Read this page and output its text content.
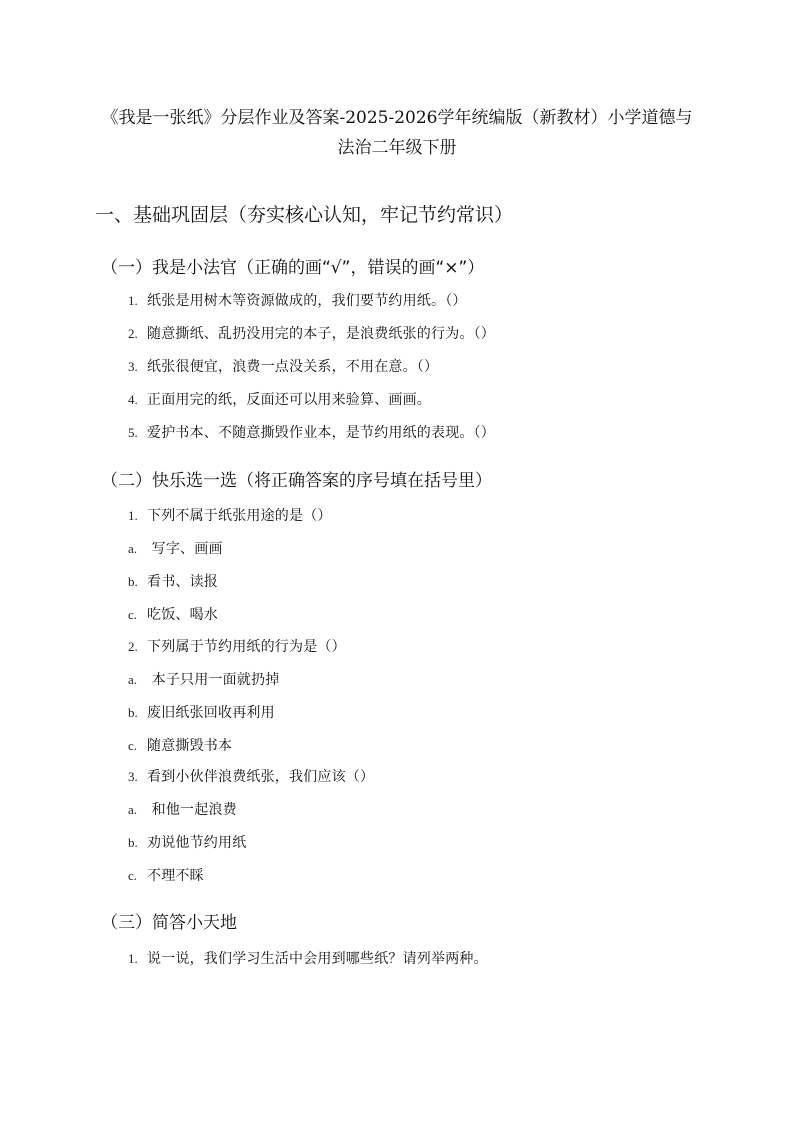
《我是一张纸》分层作业及答案-2025-2026学年统编版（新教材）小学道德与法治二年级下册
一、基础巩固层（夯实核心认知，牢记节约常识）
（一）我是小法官（正确的画“√”，错误的画“×”）
1. 纸张是用树木等资源做成的，我们要节约用纸。（）
2. 随意撕纸、乱扔没用完的本子，是浪费纸张的行为。（）
3. 纸张很便宜，浪费一点没关系，不用在意。（）
4. 正面用完的纸，反面还可以用来验算、画画。
5. 爱护书本、不随意撕毁作业本，是节约用纸的表现。（）
（二）快乐选一选（将正确答案的序号填在括号里）
1. 下列不属于纸张用途的是（）
a. 写字、画画
b. 看书、读报
c. 吃饭、喝水
2. 下列属于节约用纸的行为是（）
a. 本子只用一面就扔掉
b. 废旧纸张回收再利用
c. 随意撕毁书本
3. 看到小伙伴浪费纸张，我们应该（）
a. 和他一起浪费
b. 劝说他节约用纸
c. 不理不睬
（三）简答小天地
1. 说一说，我们学习生活中会用到哪些纸？请列举两种。
